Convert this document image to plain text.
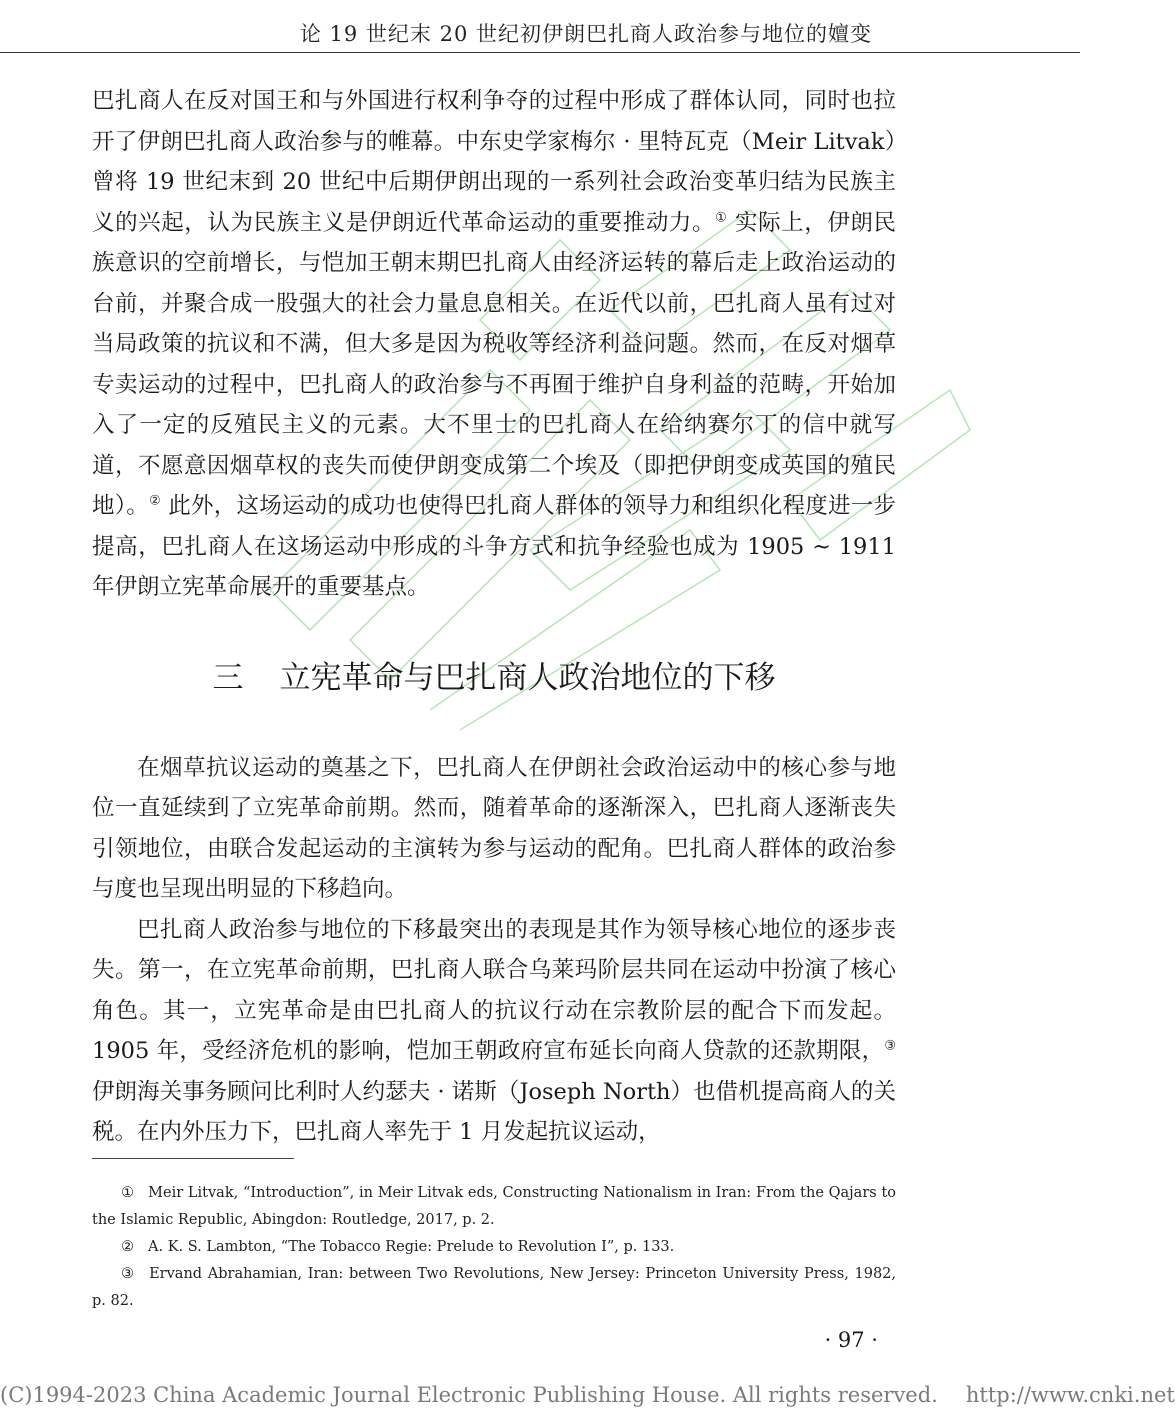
论 19 世纪末 20 世纪初伊朗巴扎商人政治参与地位的嬗变

巴扎商人在反对国王和与外国进行权利争夺的过程中形成了群体认同，同时也拉开了伊朗巴扎商人政治参与的帷幕。中东史学家梅尔 · 里特瓦克（Meir Litvak）曾将 19 世纪末到 20 世纪中后期伊朗出现的一系列社会政治变革归结为民族主义的兴起，认为民族主义是伊朗近代革命运动的重要推动力。① 实际上，伊朗民族意识的空前增长，与恺加王朝末期巴扎商人由经济运转的幕后走上政治运动的台前，并聚合成一股强大的社会力量息息相关。在近代以前，巴扎商人虽有过对当局政策的抗议和不满，但大多是因为税收等经济利益问题。然而，在反对烟草专卖运动的过程中，巴扎商人的政治参与不再囿于维护自身利益的范畴，开始加入了一定的反殖民主义的元素。大不里士的巴扎商人在给纳赛尔丁的信中就写道，不愿意因烟草权的丧失而使伊朗变成第二个埃及（即把伊朗变成英国的殖民地）。② 此外，这场运动的成功也使得巴扎商人群体的领导力和组织化程度进一步提高，巴扎商人在这场运动中形成的斗争方式和抗争经验也成为 1905 ~ 1911 年伊朗立宪革命展开的重要基点。

三 立宪革命与巴扎商人政治地位的下移

在烟草抗议运动的奠基之下，巴扎商人在伊朗社会政治运动中的核心参与地位一直延续到了立宪革命前期。然而，随着革命的逐渐深入，巴扎商人逐渐丧失引领地位，由联合发起运动的主演转为参与运动的配角。巴扎商人群体的政治参与度也呈现出明显的下移趋向。

巴扎商人政治参与地位的下移最突出的表现是其作为领导核心地位的逐步丧失。第一，在立宪革命前期，巴扎商人联合乌莱玛阶层共同在运动中扮演了核心角色。其一，立宪革命是由巴扎商人的抗议行动在宗教阶层的配合下而发起。1905 年，受经济危机的影响，恺加王朝政府宣布延长向商人贷款的还款期限，③ 伊朗海关事务顾问比利时人约瑟夫 · 诺斯（Joseph North）也借机提高商人的关税。在内外压力下，巴扎商人率先于 1 月发起抗议运动，

① Meir Litvak, “Introduction”, in Meir Litvak eds, Constructing Nationalism in Iran: From the Qajars to the Islamic Republic, Abingdon: Routledge, 2017, p. 2.

② A. K. S. Lambton, “The Tobacco Regie: Prelude to Revolution I”, p. 133.

③ Ervand Abrahamian, Iran: between Two Revolutions, New Jersey: Princeton University Press, 1982, p. 82.

· 97 ·
(C)1994-2023 China Academic Journal Electronic Publishing House. All rights reserved. http://www.cnki.net
